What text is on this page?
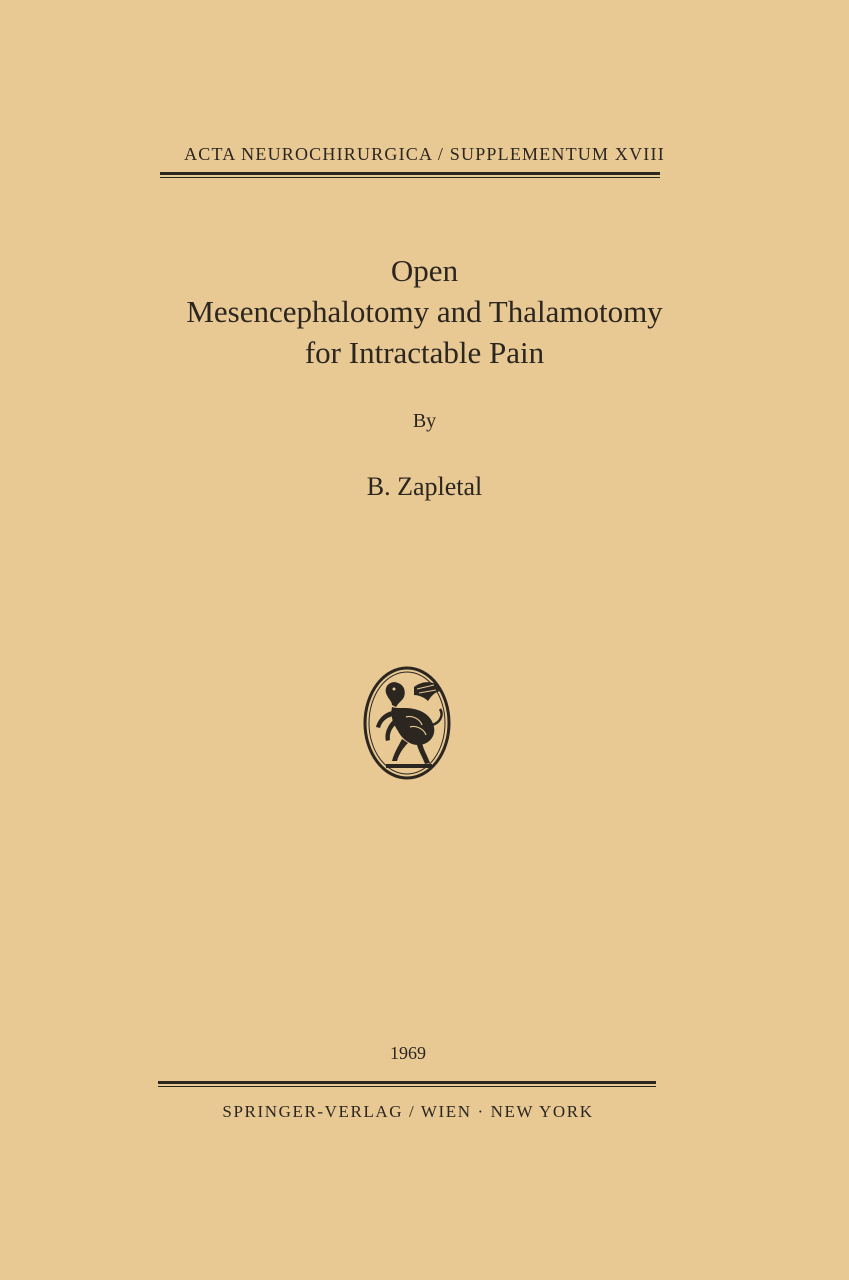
ACTA NEUROCHIRURGICA / SUPPLEMENTUM XVIII
Open
Mesencephalotomy and Thalamotomy
for Intractable Pain
By
B. Zapletal
1969
SPRINGER-VERLAG / WIEN · NEW YORK
